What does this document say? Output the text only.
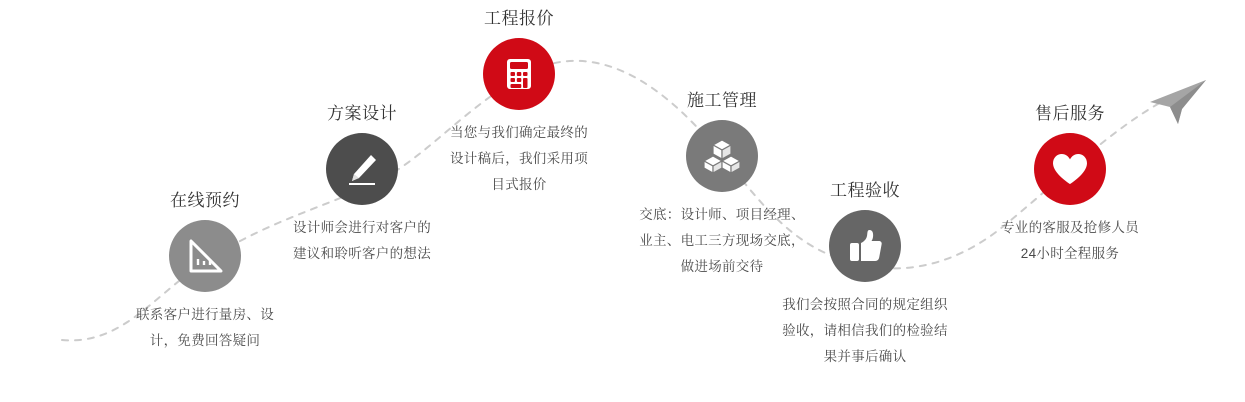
在线预约
联系客户进行量房、设计，免费回答疑问
方案设计
设计师会进行对客户的建议和聆听客户的想法
工程报价
当您与我们确定最终的设计稿后，我们采用项目式报价
施工管理
交底：设计师、项目经理、业主、电工三方现场交底，做进场前交待
工程验收
我们会按照合同的规定组织验收，请相信我们的检验结果并事后确认
售后服务
专业的客服及抢修人员24小时全程服务
